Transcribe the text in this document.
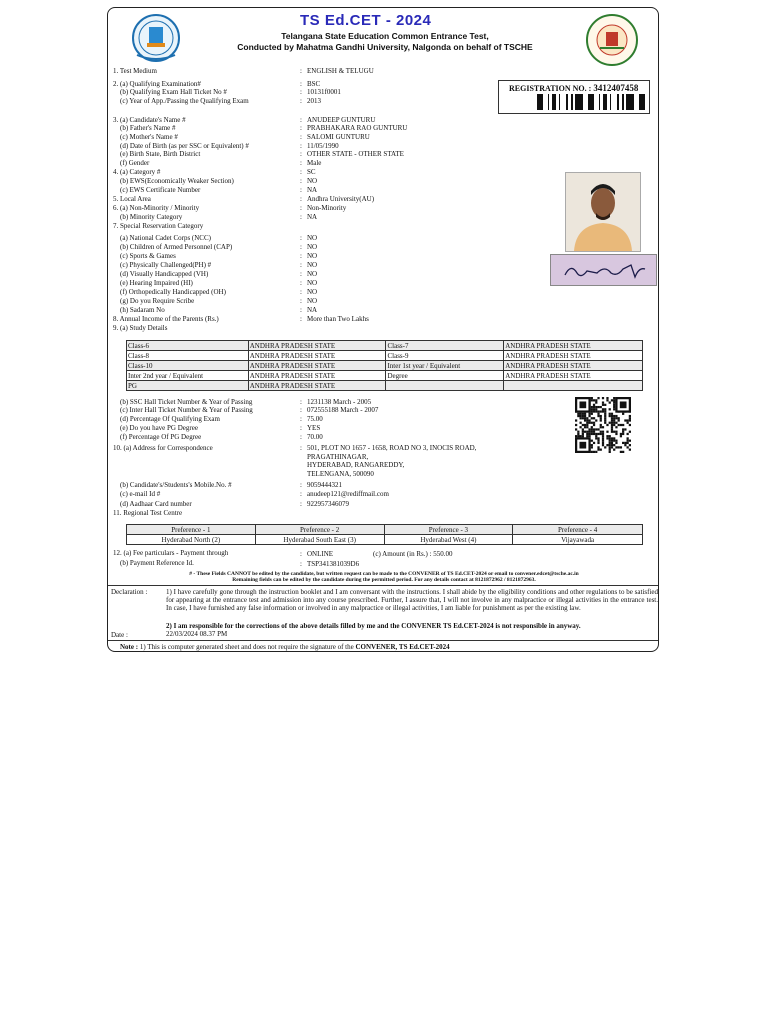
TS Ed.CET - 2024
Telangana State Education Common Entrance Test,
Conducted by Mahatma Gandhi University, Nalgonda on behalf of TSCHE
REGISTRATION NO. : 3412407458
1. Test Medium	: ENGLISH & TELUGU
2. (a) Qualifying Examination#	: BSC
(b) Qualifying Exam Hall Ticket No #	: 10131f0001
(c) Year of App./Passing the Qualifying Exam	: 2013
3. (a) Candidate's Name #	: ANUDEEP GUNTURU
(b) Father's Name #	: PRABHAKARA RAO GUNTURU
(c) Mother's Name #	: SALOMI GUNTURU
(d) Date of Birth (as per SSC or Equivalent) #	: 11/05/1990
(e) Birth State, Birth District	: OTHER STATE - OTHER STATE
(f) Gender	: Male
4. (a) Category #	: SC
(b) EWS(Economically Weaker Section)	: NO
(c) EWS Certificate Number	: NA
5. Local Area	: Andhra University(AU)
6. (a) Non-Minority / Minority	: Non-Minority
(b) Minority Category	: NA
7. Special Reservation Category
(a) National Cadet Corps (NCC)	: NO
(b) Children of Armed Personnel (CAP)	: NO
(c) Sports & Games	: NO
(c) Physically Challenged(PH) #	: NO
(d) Visually Handicapped (VH)	: NO
(e) Hearing Impaired (HI)	: NO
(f) Orthopedically Handicapped (OH)	: NO
(g) Do you Require Scribe	: NO
(h) Sadaram No	: NA
8. Annual Income of the Parents (Rs.)	: More than Two Lakhs
9. (a) Study Details
Class-6	ANDHRA PRADESH STATE	Class-7	ANDHRA PRADESH STATE
Class-8	ANDHRA PRADESH STATE	Class-9	ANDHRA PRADESH STATE
Class-10	ANDHRA PRADESH STATE	Inter 1st year / Equivalent	ANDHRA PRADESH STATE
Inter 2nd year / Equivalent	ANDHRA PRADESH STATE	Degree	ANDHRA PRADESH STATE
PG	ANDHRA PRADESH STATE		
(b) SSC Hall Ticket Number & Year of Passing	: 1231138 March - 2005
(c) Inter Hall Ticket Number & Year of Passing	: 072555188 March - 2007
(d) Percentage Of Qualifying Exam	: 75.00
(e) Do you have PG Degree	: YES
(f) Percentage Of PG Degree	: 70.00
10. (a) Address for Correspondence	: 501, PLOT NO 1657 - 1658, ROAD NO 3, INOCIS ROAD,
PRAGATHINAGAR,
HYDERABAD, RANGAREDDY,
TELENGANA, 500090
(b) Candidate's/Students's Mobile.No. #	: 9059444321
(c) e-mail Id #	: anudeep121@rediffmail.com
(d) Aadhaar Card number	: 922957346079
11. Regional Test Centre
Preference - 1	Preference - 2	Preference - 3	Preference - 4
Hyderabad North (2)	Hyderabad South East (3)	Hyderabad West (4)	Vijayawada
12. (a) Fee particulars - Payment through	: ONLINE	(c) Amount (in Rs.) : 550.00
(b) Payment Reference Id.	: TSP341381039D6
# - These Fields CANNOT be edited by the candidate, but written request can be made to the CONVENER of TS Ed.CET-2024 or email to convener.edcet@tsche.ac.in
Remaining fields can be edited by the candidate during the permitted period. For any details contact at 8121872962 / 8121872963.
Declaration :	1) I have carefully gone through the instruction booklet and I am conversant with the instructions. I shall abide by the eligibility conditions and other regulations to be satisfied for appearing at the entrance test and admission into any course prescribed. Further, I assure that, I will not involve in any malpractice or illegal activities in the entrance test. In case, I have furnished any false information or involved in any malpractice or illegal activities, I am liable for punishment as per the existing law.
2) I am responsible for the corrections of the above details filled by me and the CONVENER TS Ed.CET-2024 is not responsible in anyway.
Date :	22/03/2024 08.37 PM
Note : 1) This is computer generated sheet and does not require the signature of the CONVENER, TS Ed.CET-2024
